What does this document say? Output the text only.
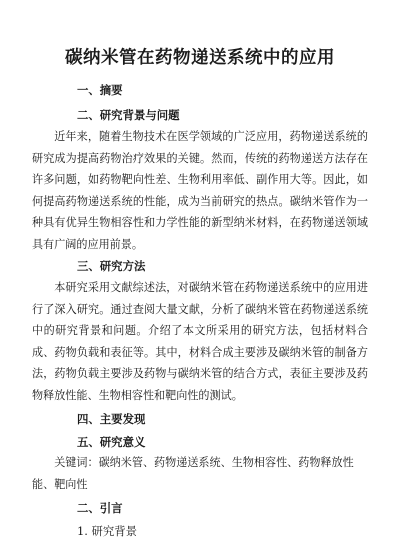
碳纳米管在药物递送系统中的应用
一、摘要
二、研究背景与问题

近年来，随着生物技术在医学领域的广泛应用，药物递送系统的研究成为提高药物治疗效果的关键。然而，传统的药物递送方法存在许多问题，如药物靶向性差、生物利用率低、副作用大等。因此，如何提高药物递送系统的性能，成为当前研究的热点。碳纳米管作为一种具有优异生物相容性和力学性能的新型纳米材料，在药物递送领域具有广阔的应用前景。

三、研究方法

本研究采用文献综述法，对碳纳米管在药物递送系统中的应用进行了深入研究。通过查阅大量文献，分析了碳纳米管在药物递送系统中的研究背景和问题。介绍了本文所采用的研究方法，包括材料合成、药物负载和表征等。其中，材料合成主要涉及碳纳米管的制备方法，药物负载主要涉及药物与碳纳米管的结合方式，表征主要涉及药物释放性能、生物相容性和靶向性的测试。

四、主要发现
五、研究意义

关键词：碳纳米管、药物递送系统、生物相容性、药物释放性能、靶向性

二、引言
1. 研究背景
